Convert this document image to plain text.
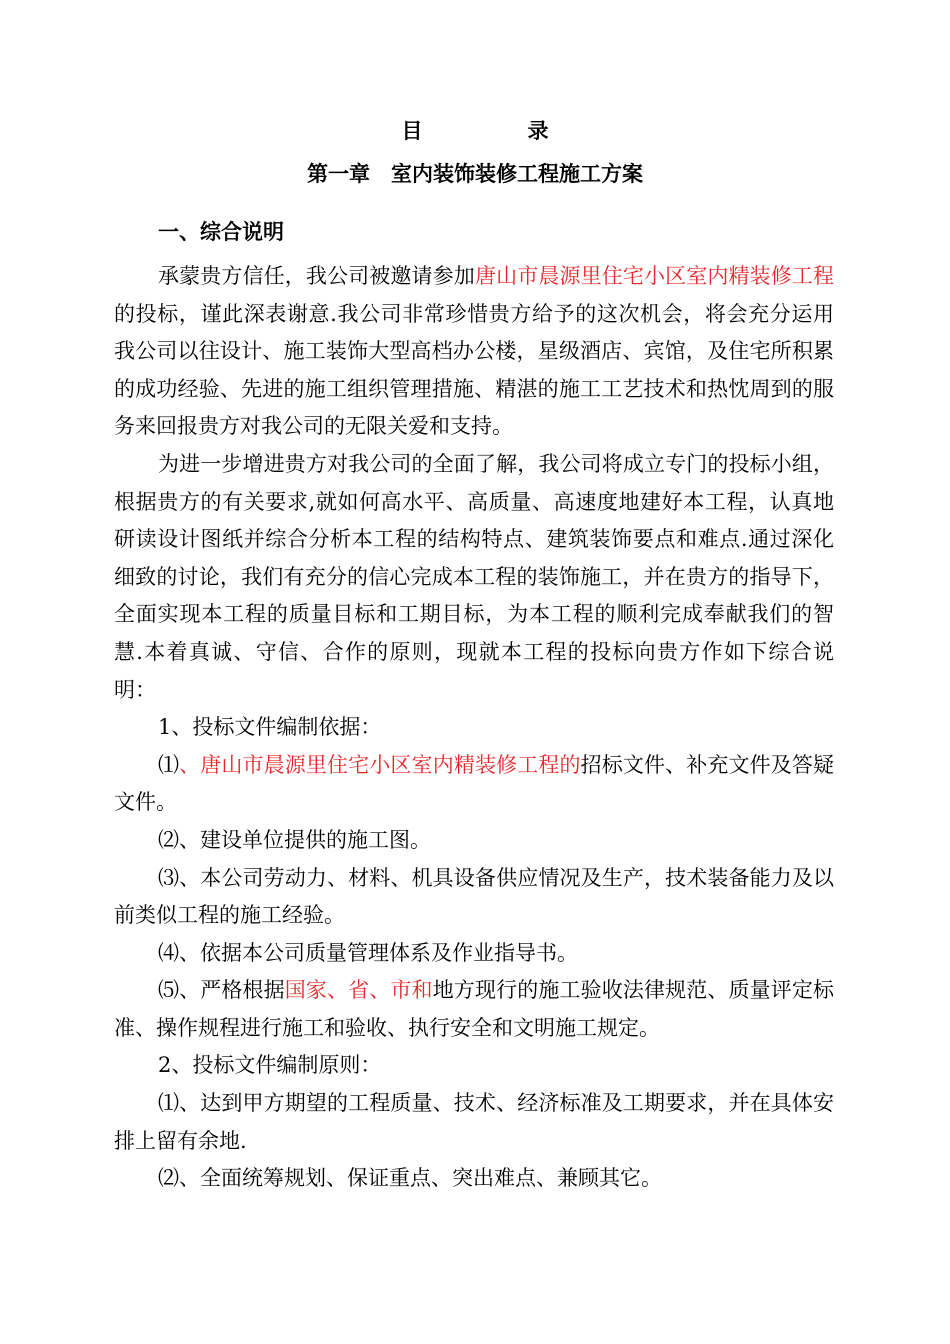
目　录
第一章　室内装饰装修工程施工方案
一、综合说明

承蒙贵方信任，我公司被邀请参加唐山市晨源里住宅小区室内精装修工程的投标，谨此深表谢意.我公司非常珍惜贵方给予的这次机会，将会充分运用我公司以往设计、施工装饰大型高档办公楼，星级酒店、宾馆，及住宅所积累的成功经验、先进的施工组织管理措施、精湛的施工工艺技术和热忱周到的服务来回报贵方对我公司的无限关爱和支持。

为进一步增进贵方对我公司的全面了解，我公司将成立专门的投标小组，根据贵方的有关要求,就如何高水平、高质量、高速度地建好本工程，认真地研读设计图纸并综合分析本工程的结构特点、建筑装饰要点和难点.通过深化细致的讨论，我们有充分的信心完成本工程的装饰施工，并在贵方的指导下，全面实现本工程的质量目标和工期目标，为本工程的顺利完成奉献我们的智慧.本着真诚、守信、合作的原则，现就本工程的投标向贵方作如下综合说明：

1、投标文件编制依据：

⑴、唐山市晨源里住宅小区室内精装修工程的招标文件、补充文件及答疑文件。

⑵、建设单位提供的施工图。

⑶、本公司劳动力、材料、机具设备供应情况及生产，技术装备能力及以前类似工程的施工经验。

⑷、依据本公司质量管理体系及作业指导书。

⑸、严格根据国家、省、市和地方现行的施工验收法律规范、质量评定标准、操作规程进行施工和验收、执行安全和文明施工规定。

2、投标文件编制原则：

⑴、达到甲方期望的工程质量、技术、经济标准及工期要求，并在具体安排上留有余地.

⑵、全面统筹规划、保证重点、突出难点、兼顾其它。
